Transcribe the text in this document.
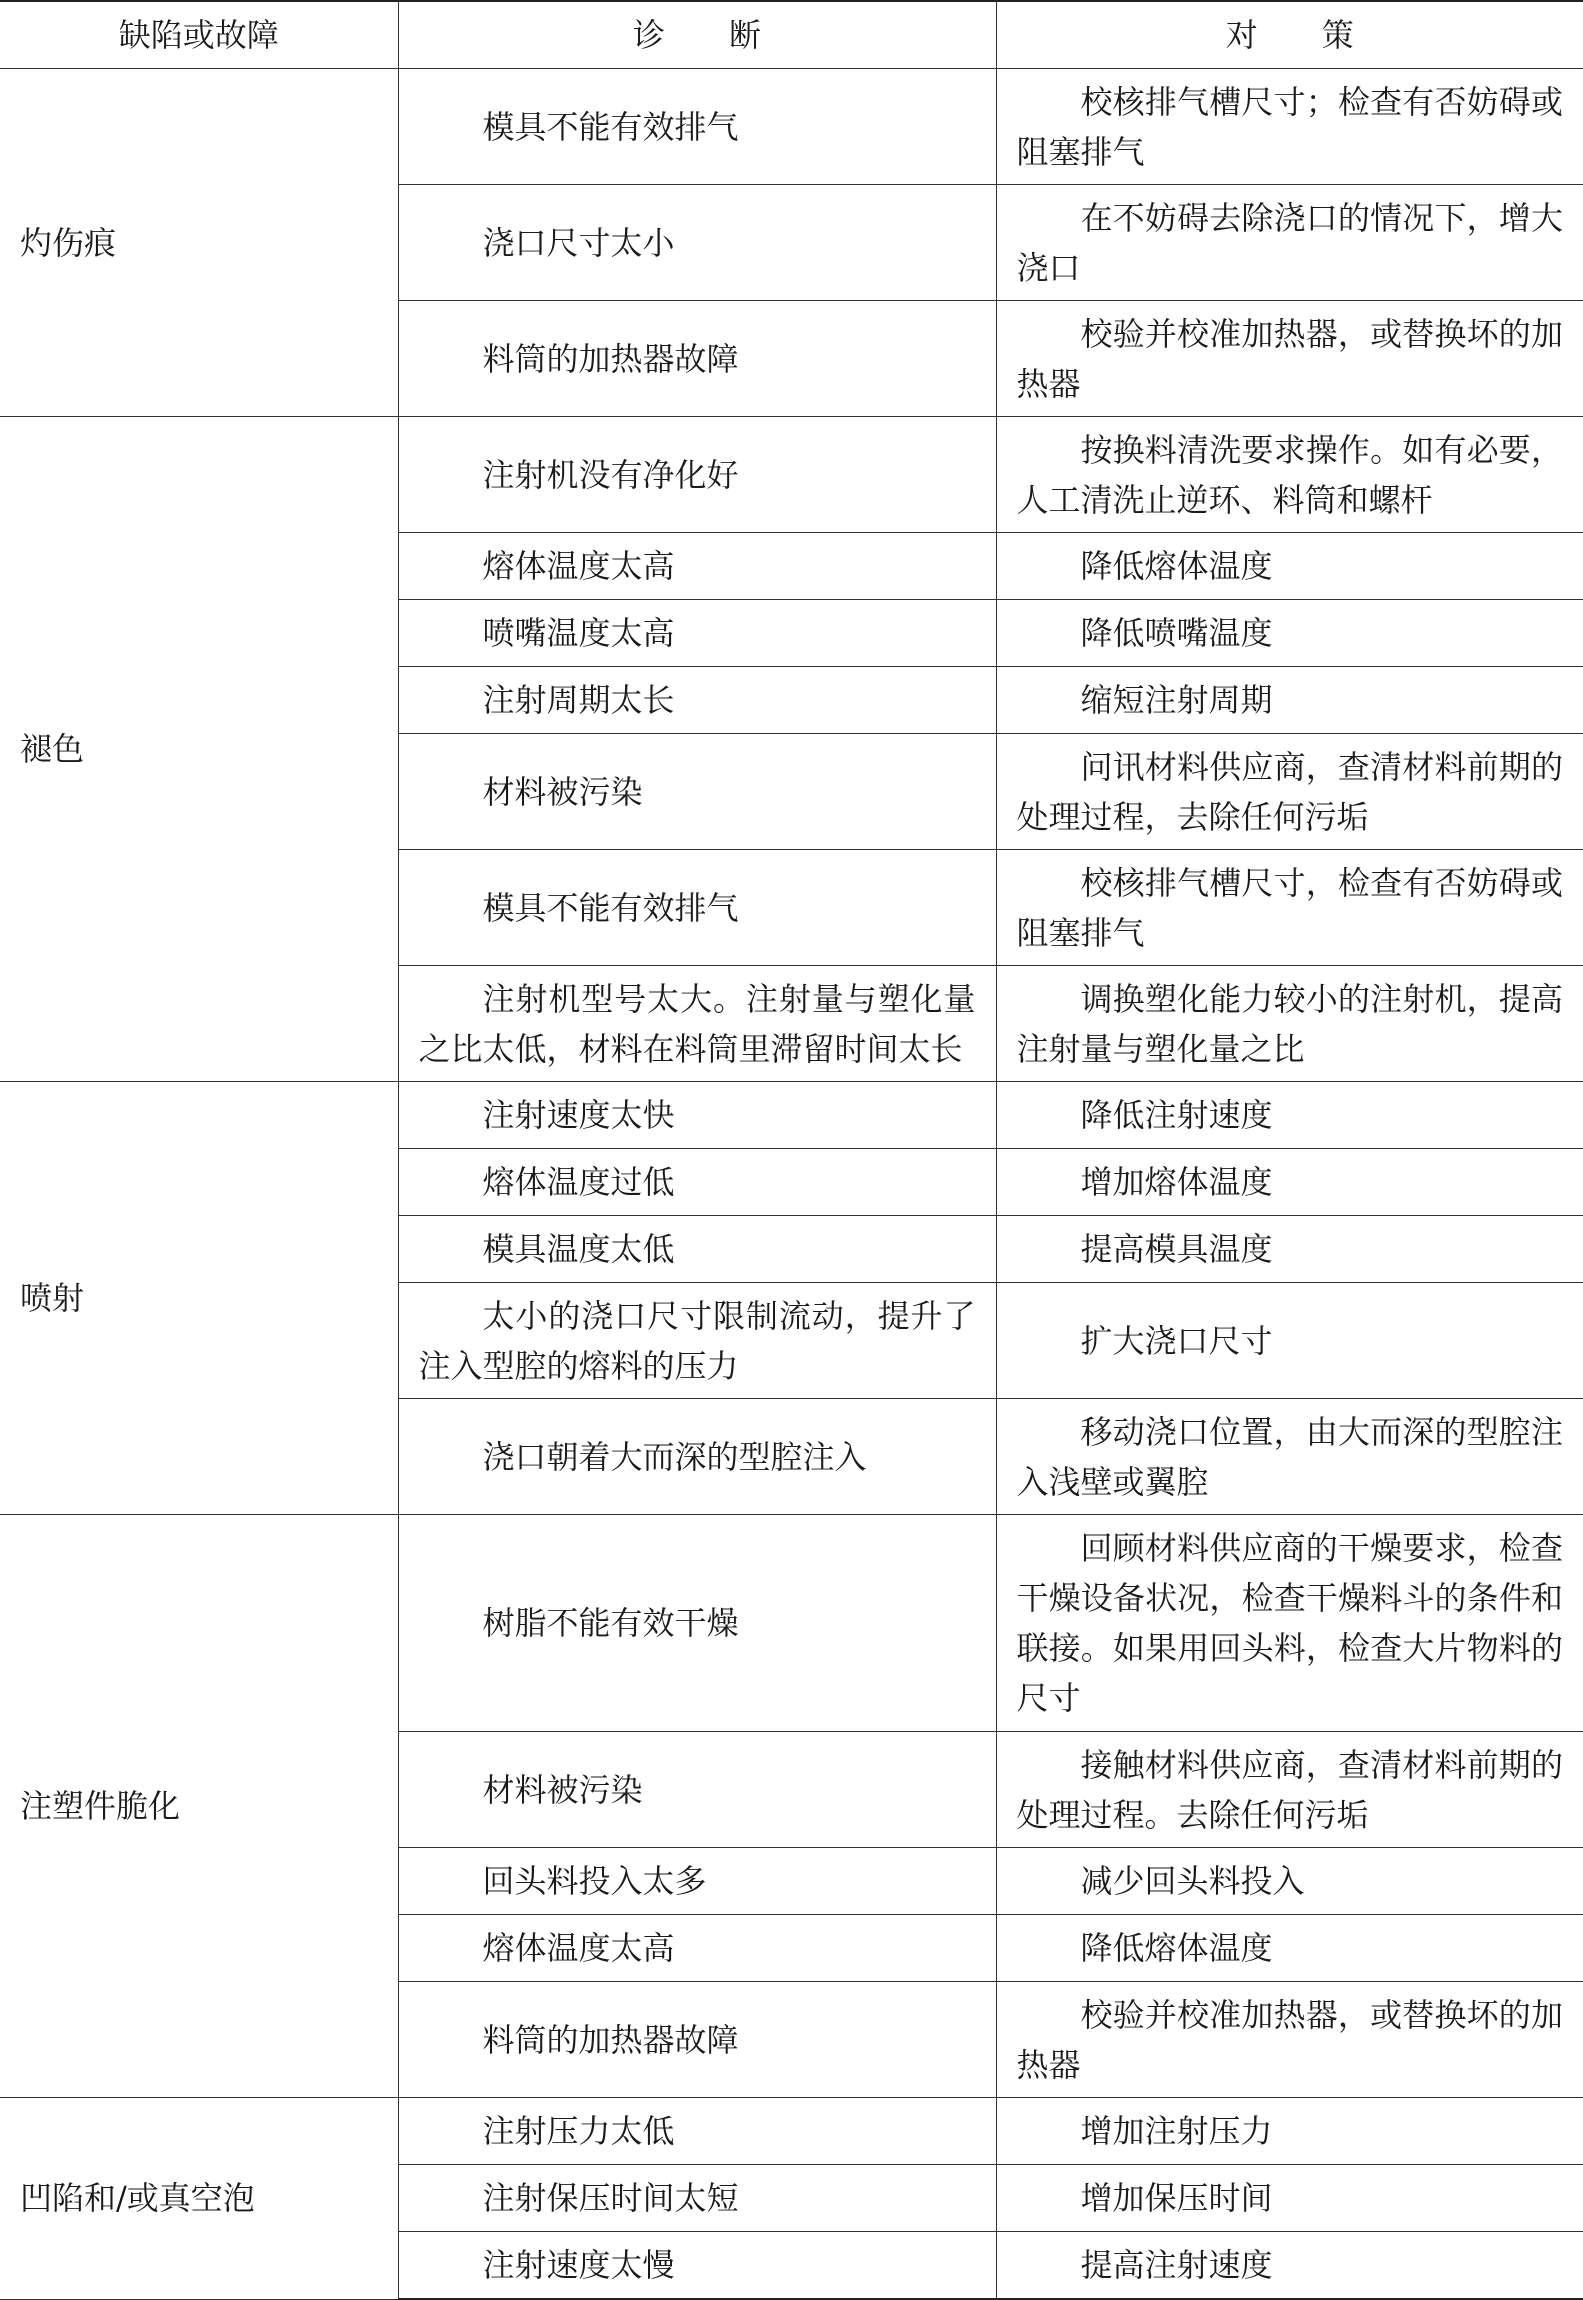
缺陷或故障	诊　　断	对　　策
灼伤痕	模具不能有效排气	校核排气槽尺寸；检查有否妨碍或阻塞排气
	浇口尺寸太小	在不妨碍去除浇口的情况下，增大浇口
	料筒的加热器故障	校验并校准加热器，或替换坏的加热器
褪色	注射机没有净化好	按换料清洗要求操作。如有必要，人工清洗止逆环、料筒和螺杆
	熔体温度太高	降低熔体温度
	喷嘴温度太高	降低喷嘴温度
	注射周期太长	缩短注射周期
	材料被污染	问讯材料供应商，查清材料前期的处理过程，去除任何污垢
	模具不能有效排气	校核排气槽尺寸，检查有否妨碍或阻塞排气
	注射机型号太大。注射量与塑化量之比太低，材料在料筒里滞留时间太长	调换塑化能力较小的注射机，提高注射量与塑化量之比
喷射	注射速度太快	降低注射速度
	熔体温度过低	增加熔体温度
	模具温度太低	提高模具温度
	太小的浇口尺寸限制流动，提升了注入型腔的熔料的压力	扩大浇口尺寸
	浇口朝着大而深的型腔注入	移动浇口位置，由大而深的型腔注入浅壁或翼腔
注塑件脆化	树脂不能有效干燥	回顾材料供应商的干燥要求，检查干燥设备状况，检查干燥料斗的条件和联接。如果用回头料，检查大片物料的尺寸
	材料被污染	接触材料供应商，查清材料前期的处理过程。去除任何污垢
	回头料投入太多	减少回头料投入
	熔体温度太高	降低熔体温度
	料筒的加热器故障	校验并校准加热器，或替换坏的加热器
凹陷和/或真空泡	注射压力太低	增加注射压力
	注射保压时间太短	增加保压时间
	注射速度太慢	提高注射速度
